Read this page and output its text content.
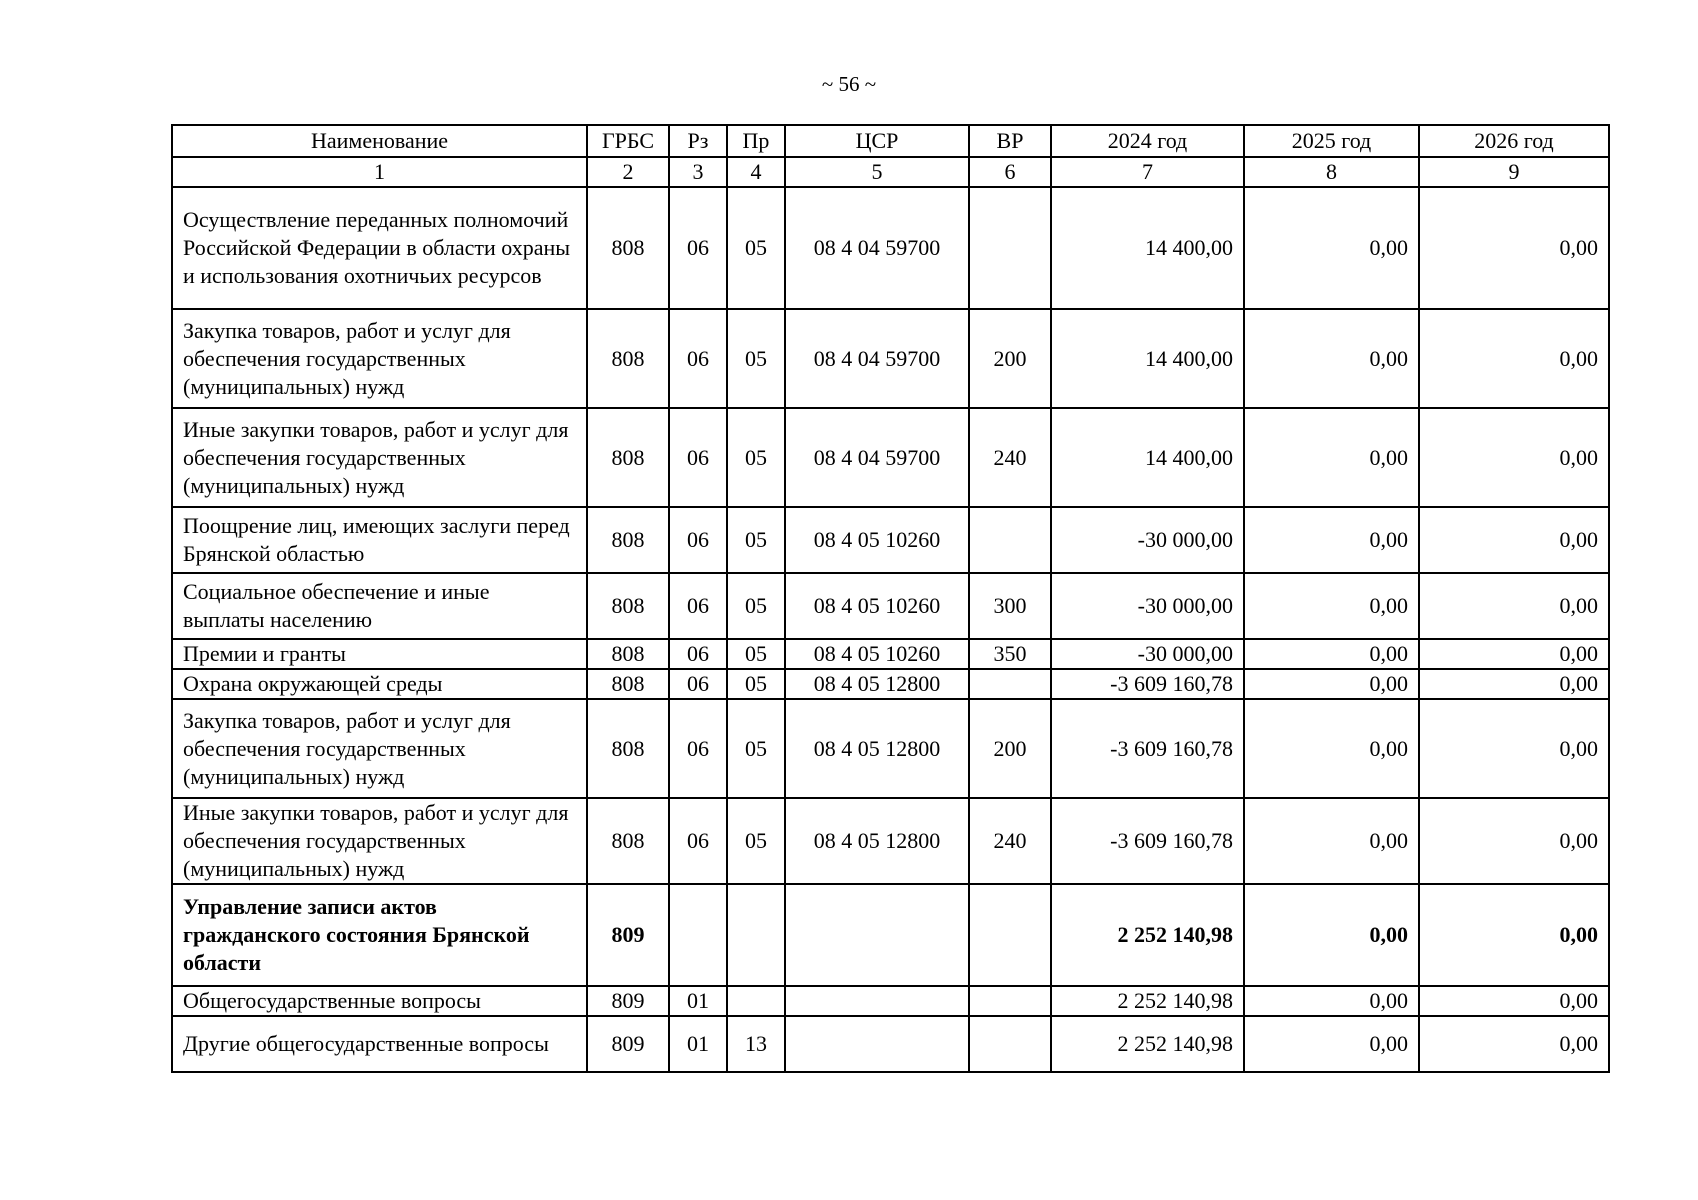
~ 56 ~
Наименование	ГРБС	Рз	Пр	ЦСР	ВР	2024 год	2025 год	2026 год
1	2	3	4	5	6	7	8	9
Осуществление переданных полномочий Российской Федерации в области охраны и использования охотничьих ресурсов	808	06	05	08 4 04 59700		14 400,00	0,00	0,00
Закупка товаров, работ и услуг для обеспечения государственных (муниципальных) нужд	808	06	05	08 4 04 59700	200	14 400,00	0,00	0,00
Иные закупки товаров, работ и услуг для обеспечения государственных (муниципальных) нужд	808	06	05	08 4 04 59700	240	14 400,00	0,00	0,00
Поощрение лиц, имеющих заслуги перед Брянской областью	808	06	05	08 4 05 10260		-30 000,00	0,00	0,00
Социальное обеспечение и иные выплаты населению	808	06	05	08 4 05 10260	300	-30 000,00	0,00	0,00
Премии и гранты	808	06	05	08 4 05 10260	350	-30 000,00	0,00	0,00
Охрана окружающей среды	808	06	05	08 4 05 12800		-3 609 160,78	0,00	0,00
Закупка товаров, работ и услуг для обеспечения государственных (муниципальных) нужд	808	06	05	08 4 05 12800	200	-3 609 160,78	0,00	0,00
Иные закупки товаров, работ и услуг для обеспечения государственных (муниципальных) нужд	808	06	05	08 4 05 12800	240	-3 609 160,78	0,00	0,00
Управление записи актов гражданского состояния Брянской области	809					2 252 140,98	0,00	0,00
Общегосударственные вопросы	809	01				2 252 140,98	0,00	0,00
Другие общегосударственные вопросы	809	01	13			2 252 140,98	0,00	0,00
